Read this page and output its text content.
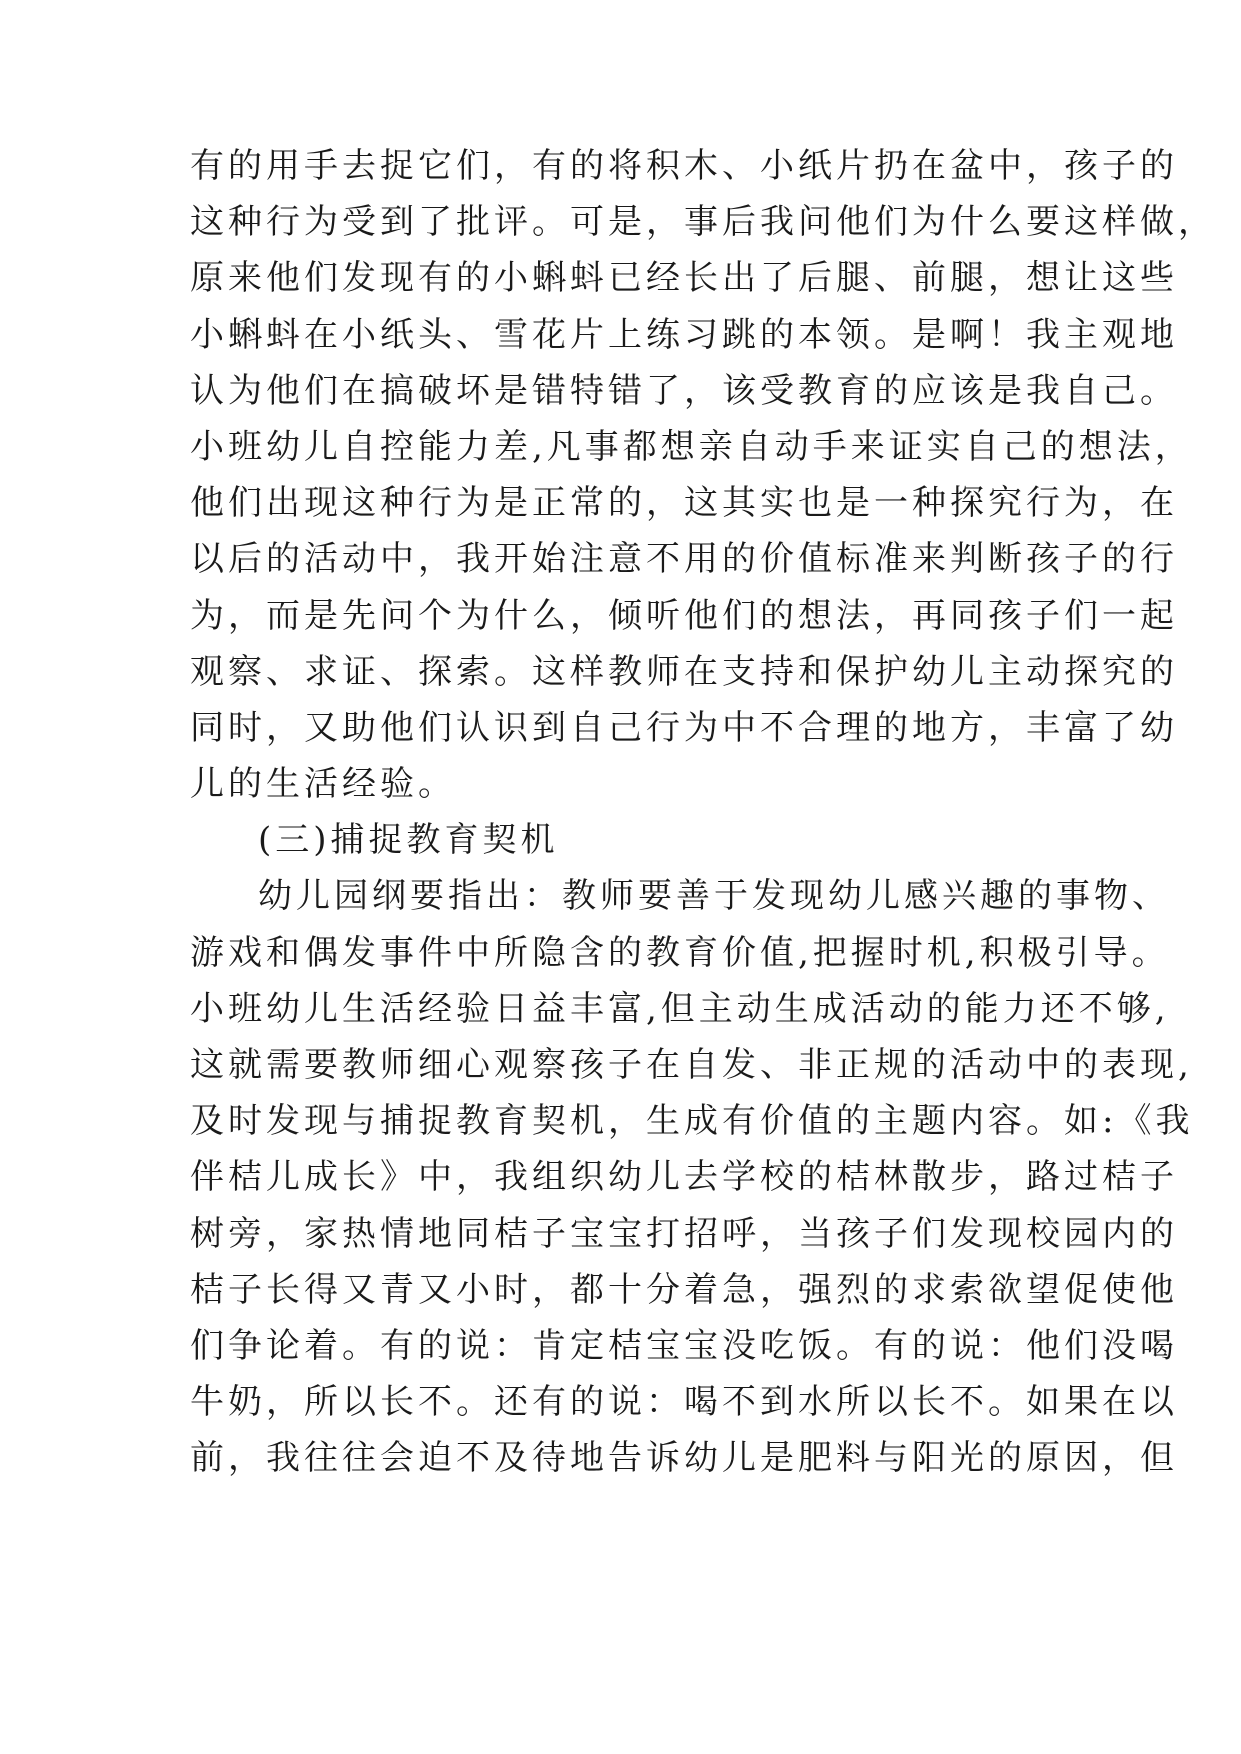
有的用手去捉它们，有的将积木、小纸片扔在盆中，孩子的
这种行为受到了批评。可是，事后我问他们为什么要这样做，
原来他们发现有的小蝌蚪已经长出了后腿、前腿，想让这些
小蝌蚪在小纸头、雪花片上练习跳的本领。是啊！我主观地
认为他们在搞破坏是错特错了，该受教育的应该是我自己。
小班幼儿自控能力差,凡事都想亲自动手来证实自己的想法，
他们出现这种行为是正常的，这其实也是一种探究行为，在
以后的活动中，我开始注意不用的价值标准来判断孩子的行
为，而是先问个为什么，倾听他们的想法，再同孩子们一起
观察、求证、探索。这样教师在支持和保护幼儿主动探究的
同时，又助他们认识到自己行为中不合理的地方，丰富了幼
儿的生活经验。
(三)捕捉教育契机
幼儿园纲要指出：教师要善于发现幼儿感兴趣的事物、
游戏和偶发事件中所隐含的教育价值,把握时机,积极引导。
小班幼儿生活经验日益丰富,但主动生成活动的能力还不够,
这就需要教师细心观察孩子在自发、非正规的活动中的表现,
及时发现与捕捉教育契机，生成有价值的主题内容。如:《我
伴桔儿成长》中，我组织幼儿去学校的桔林散步，路过桔子
树旁，家热情地同桔子宝宝打招呼，当孩子们发现校园内的
桔子长得又青又小时，都十分着急，强烈的求索欲望促使他
们争论着。有的说：肯定桔宝宝没吃饭。有的说：他们没喝
牛奶，所以长不。还有的说：喝不到水所以长不。如果在以
前，我往往会迫不及待地告诉幼儿是肥料与阳光的原因，但
